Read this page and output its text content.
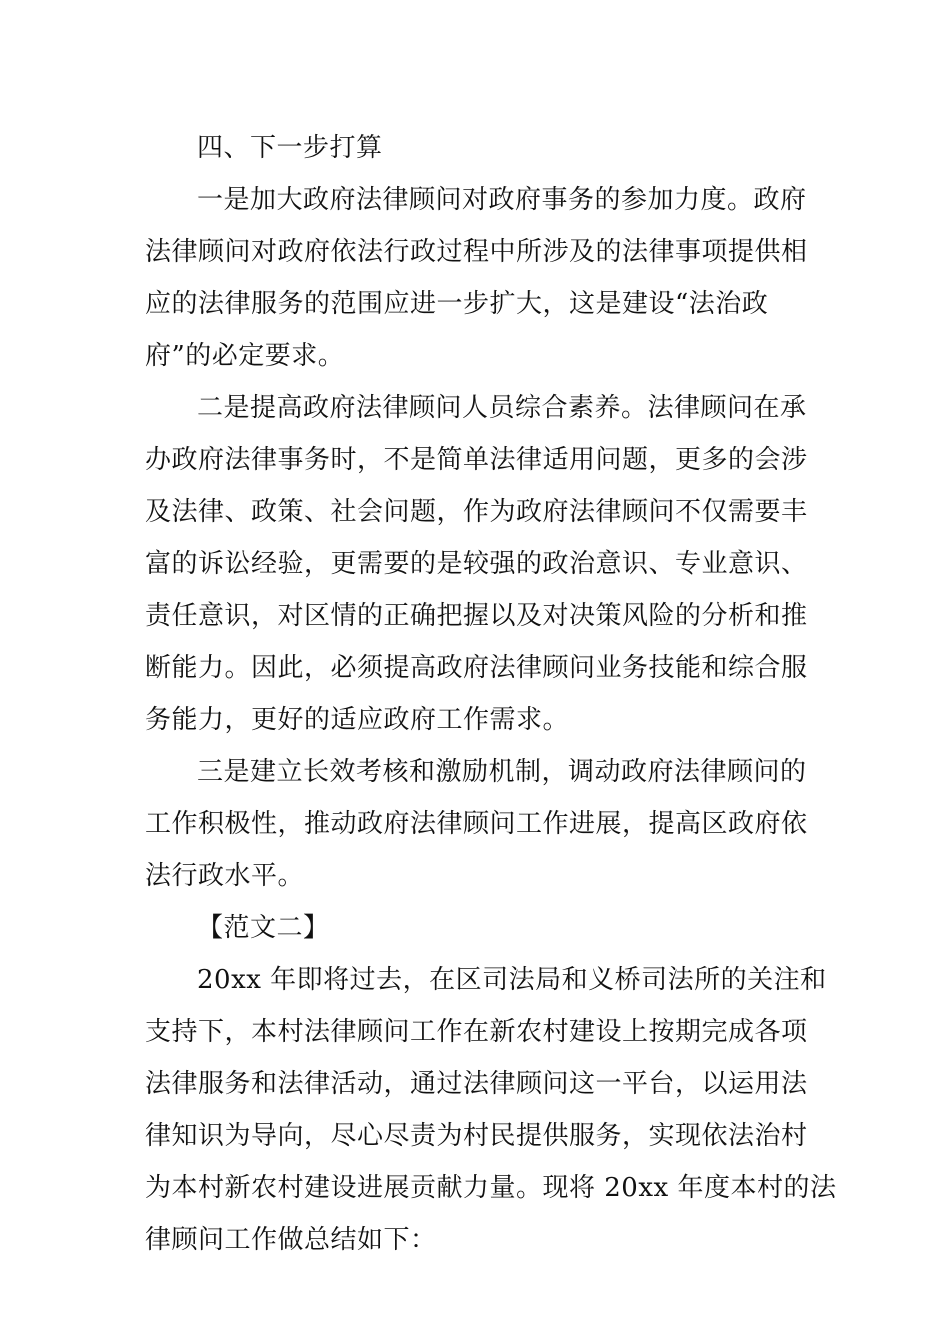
四、下一步打算
一是加大政府法律顾问对政府事务的参加力度。政府
法律顾问对政府依法行政过程中所涉及的法律事项提供相
应的法律服务的范围应进一步扩大，这是建设“法治政
府”的必定要求。
二是提高政府法律顾问人员综合素养。法律顾问在承
办政府法律事务时，不是简单法律适用问题，更多的会涉
及法律、政策、社会问题，作为政府法律顾问不仅需要丰
富的诉讼经验，更需要的是较强的政治意识、专业意识、
责任意识，对区情的正确把握以及对决策风险的分析和推
断能力。因此，必须提高政府法律顾问业务技能和综合服
务能力，更好的适应政府工作需求。
三是建立长效考核和激励机制，调动政府法律顾问的
工作积极性，推动政府法律顾问工作进展，提高区政府依
法行政水平。
【范文二】
20xx 年即将过去，在区司法局和义桥司法所的关注和
支持下，本村法律顾问工作在新农村建设上按期完成各项
法律服务和法律活动，通过法律顾问这一平台，以运用法
律知识为导向，尽心尽责为村民提供服务，实现依法治村
为本村新农村建设进展贡献力量。现将 20xx 年度本村的法
律顾问工作做总结如下：
